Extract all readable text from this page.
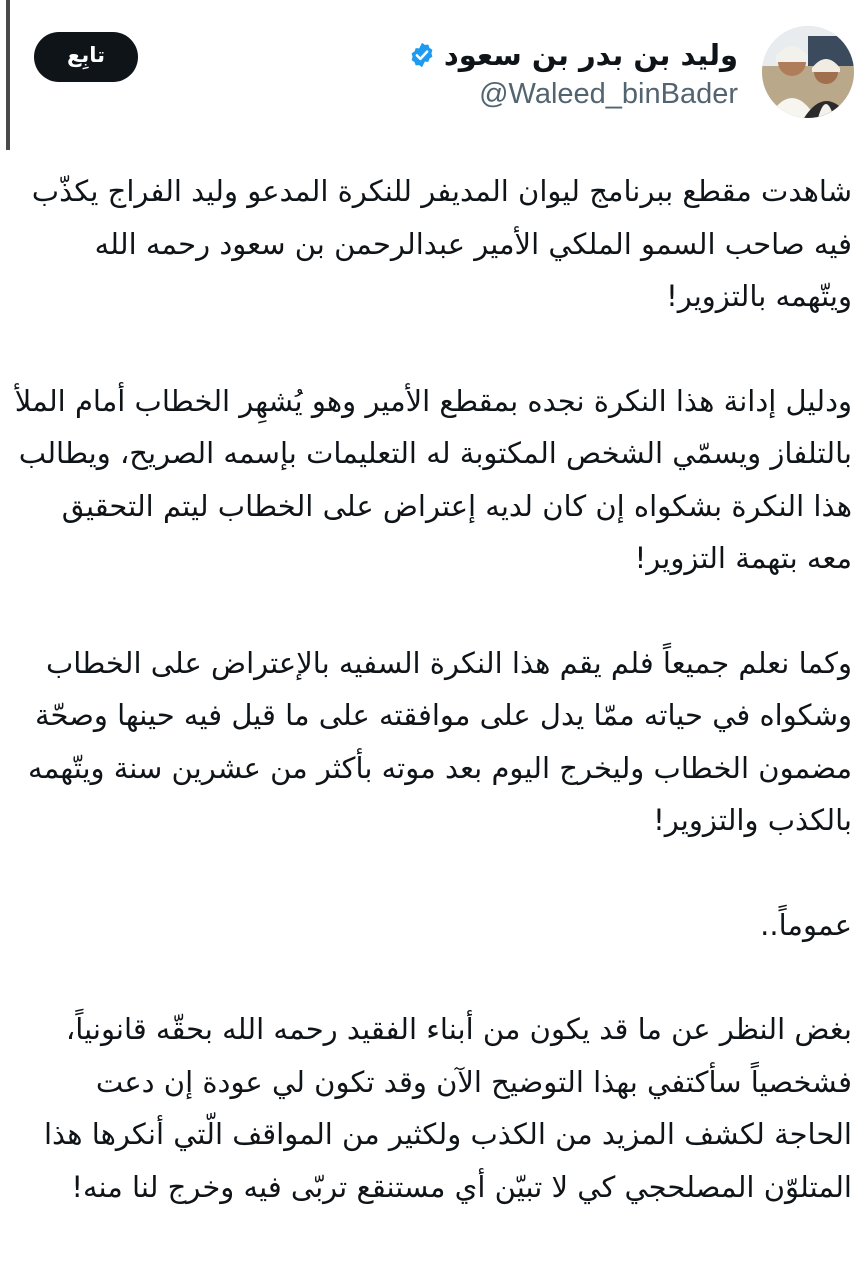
وليد بن بدر بن سعود
@Waleed_binBader
تابِع

شاهدت مقطع ببرنامج ليوان المديفر للنكرة المدعو وليد الفراج يكذّب فيه صاحب السمو الملكي الأمير عبدالرحمن بن سعود رحمه الله ويتّهمه بالتزوير!

ودليل إدانة هذا النكرة نجده بمقطع الأمير وهو يُشهِر الخطاب أمام الملأ بالتلفاز ويسمّي الشخص المكتوبة له التعليمات بإسمه الصريح، ويطالب هذا النكرة بشكواه إن كان لديه إعتراض على الخطاب ليتم التحقيق معه بتهمة التزوير!

وكما نعلم جميعاً فلم يقم هذا النكرة السفيه بالإعتراض على الخطاب وشكواه في حياته ممّا يدل على موافقته على ما قيل فيه حينها وصحّة مضمون الخطاب وليخرج اليوم بعد موته بأكثر من عشرين سنة ويتّهمه بالكذب والتزوير!

عموماً..

بغض النظر عن ما قد يكون من أبناء الفقيد رحمه الله بحقّه قانونياً، فشخصياً سأكتفي بهذا التوضيح الآن وقد تكون لي عودة إن دعت الحاجة لكشف المزيد من الكذب ولكثير من المواقف الّتي أنكرها هذا المتلوّن المصلحجي كي لا تبيّن أي مستنقع تربّى فيه وخرج لنا منه!
